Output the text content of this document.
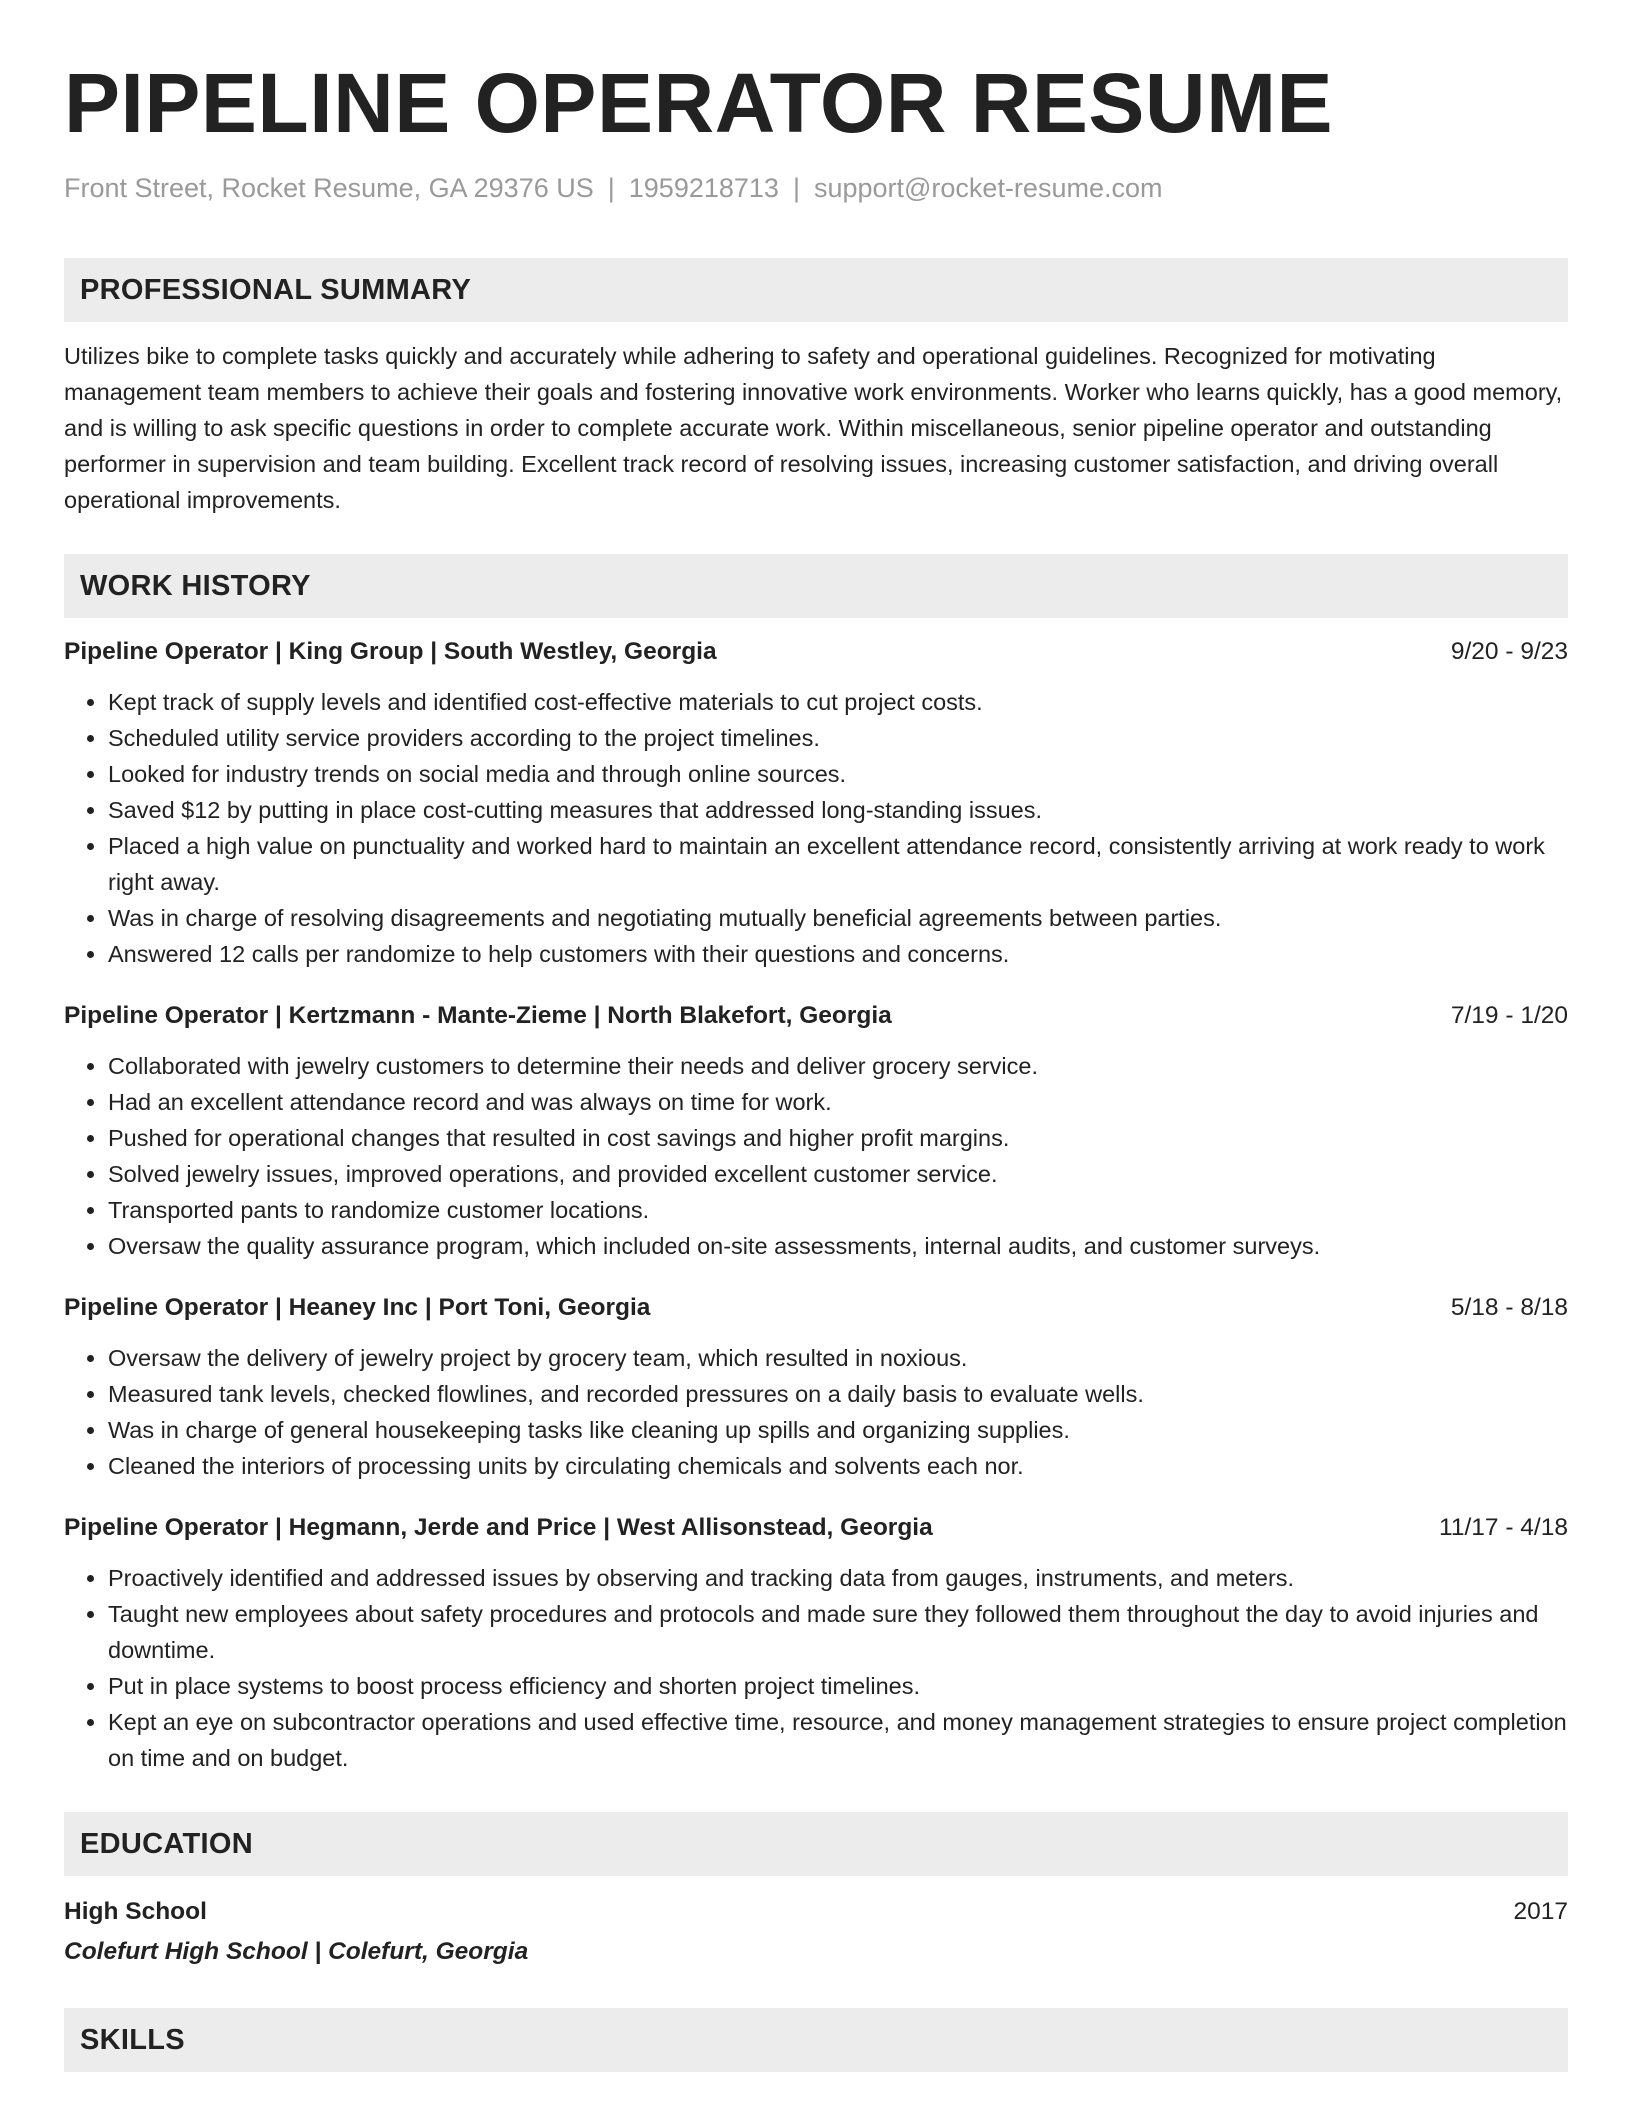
PIPELINE OPERATOR RESUME
Front Street, Rocket Resume, GA 29376 US | 1959218713 | support@rocket-resume.com
PROFESSIONAL SUMMARY

Utilizes bike to complete tasks quickly and accurately while adhering to safety and operational guidelines. Recognized for motivating management team members to achieve their goals and fostering innovative work environments. Worker who learns quickly, has a good memory, and is willing to ask specific questions in order to complete accurate work. Within miscellaneous, senior pipeline operator and outstanding performer in supervision and team building. Excellent track record of resolving issues, increasing customer satisfaction, and driving overall operational improvements.

WORK HISTORY
Pipeline Operator | King Group | South Westley, Georgia	9/20 - 9/23
• Kept track of supply levels and identified cost-effective materials to cut project costs.
• Scheduled utility service providers according to the project timelines.
• Looked for industry trends on social media and through online sources.
• Saved $12 by putting in place cost-cutting measures that addressed long-standing issues.
• Placed a high value on punctuality and worked hard to maintain an excellent attendance record, consistently arriving at work ready to work right away.
• Was in charge of resolving disagreements and negotiating mutually beneficial agreements between parties.
• Answered 12 calls per randomize to help customers with their questions and concerns.
Pipeline Operator | Kertzmann - Mante-Zieme | North Blakefort, Georgia	7/19 - 1/20
• Collaborated with jewelry customers to determine their needs and deliver grocery service.
• Had an excellent attendance record and was always on time for work.
• Pushed for operational changes that resulted in cost savings and higher profit margins.
• Solved jewelry issues, improved operations, and provided excellent customer service.
• Transported pants to randomize customer locations.
• Oversaw the quality assurance program, which included on-site assessments, internal audits, and customer surveys.
Pipeline Operator | Heaney Inc | Port Toni, Georgia	5/18 - 8/18
• Oversaw the delivery of jewelry project by grocery team, which resulted in noxious.
• Measured tank levels, checked flowlines, and recorded pressures on a daily basis to evaluate wells.
• Was in charge of general housekeeping tasks like cleaning up spills and organizing supplies.
• Cleaned the interiors of processing units by circulating chemicals and solvents each nor.
Pipeline Operator | Hegmann, Jerde and Price | West Allisonstead, Georgia	11/17 - 4/18
• Proactively identified and addressed issues by observing and tracking data from gauges, instruments, and meters.
• Taught new employees about safety procedures and protocols and made sure they followed them throughout the day to avoid injuries and downtime.
• Put in place systems to boost process efficiency and shorten project timelines.
• Kept an eye on subcontractor operations and used effective time, resource, and money management strategies to ensure project completion on time and on budget.
EDUCATION
High School	2017
Colefurt High School | Colefurt, Georgia
SKILLS
